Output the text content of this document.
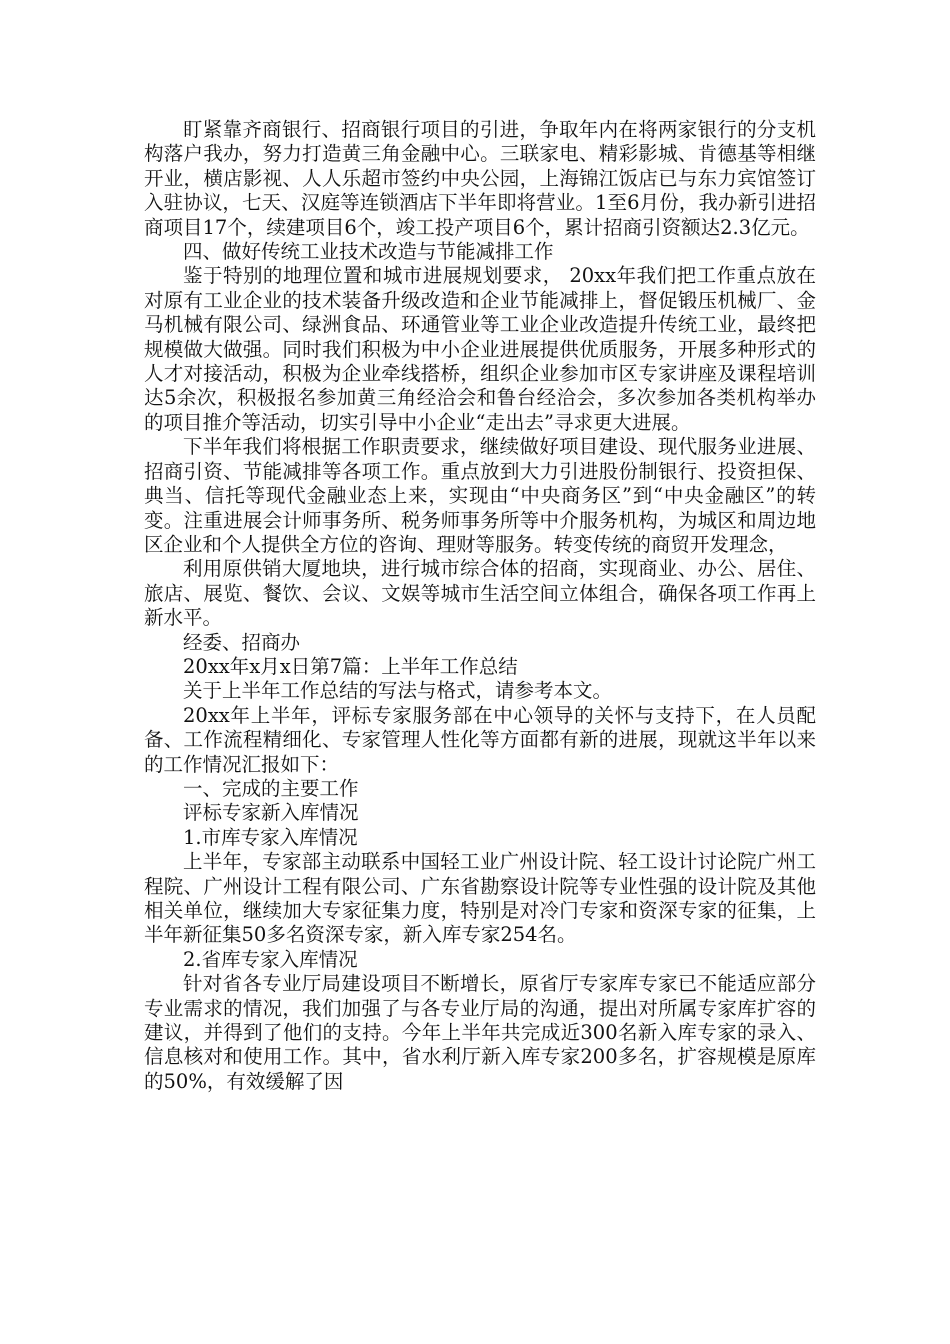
盯紧靠齐商银行、招商银行项目的引进，争取年内在将两家银行的分支机构落户我办，努力打造黄三角金融中心。三联家电、精彩影城、肯德基等相继开业，横店影视、人人乐超市签约中央公园，上海锦江饭店已与东力宾馆签订入驻协议，七天、汉庭等连锁酒店下半年即将营业。1至6月份，我办新引进招商项目17个，续建项目6个，竣工投产项目6个，累计招商引资额达2.3亿元。

四、做好传统工业技术改造与节能减排工作

鉴于特别的地理位置和城市进展规划要求， 20xx年我们把工作重点放在对原有工业企业的技术装备升级改造和企业节能减排上，督促锻压机械厂、金马机械有限公司、绿洲食品、环通管业等工业企业改造提升传统工业，最终把规模做大做强。同时我们积极为中小企业进展提供优质服务，开展多种形式的人才对接活动，积极为企业牵线搭桥，组织企业参加市区专家讲座及课程培训达5余次，积极报名参加黄三角经洽会和鲁台经洽会，多次参加各类机构举办的项目推介等活动，切实引导中小企业“走出去”寻求更大进展。

下半年我们将根据工作职责要求，继续做好项目建设、现代服务业进展、招商引资、节能减排等各项工作。重点放到大力引进股份制银行、投资担保、典当、信托等现代金融业态上来，实现由“中央商务区”到“中央金融区”的转变。注重进展会计师事务所、税务师事务所等中介服务机构，为城区和周边地区企业和个人提供全方位的咨询、理财等服务。转变传统的商贸开发理念，

利用原供销大厦地块，进行城市综合体的招商，实现商业、办公、居住、旅店、展览、餐饮、会议、文娱等城市生活空间立体组合，确保各项工作再上新水平。

经委、招商办

20xx年x月x日第7篇：上半年工作总结

关于上半年工作总结的写法与格式，请参考本文。

20xx年上半年，评标专家服务部在中心领导的关怀与支持下，在人员配备、工作流程精细化、专家管理人性化等方面都有新的进展，现就这半年以来的工作情况汇报如下：

一、完成的主要工作

评标专家新入库情况

1.市库专家入库情况

上半年，专家部主动联系中国轻工业广州设计院、轻工设计讨论院广州工程院、广州设计工程有限公司、广东省勘察设计院等专业性强的设计院及其他相关单位，继续加大专家征集力度，特别是对冷门专家和资深专家的征集，上半年新征集50多名资深专家，新入库专家254名。

2.省库专家入库情况

针对省各专业厅局建设项目不断增长，原省厅专家库专家已不能适应部分专业需求的情况，我们加强了与各专业厅局的沟通，提出对所属专家库扩容的建议，并得到了他们的支持。今年上半年共完成近300名新入库专家的录入、信息核对和使用工作。其中，省水利厅新入库专家200多名，扩容规模是原库的50%，有效缓解了因
